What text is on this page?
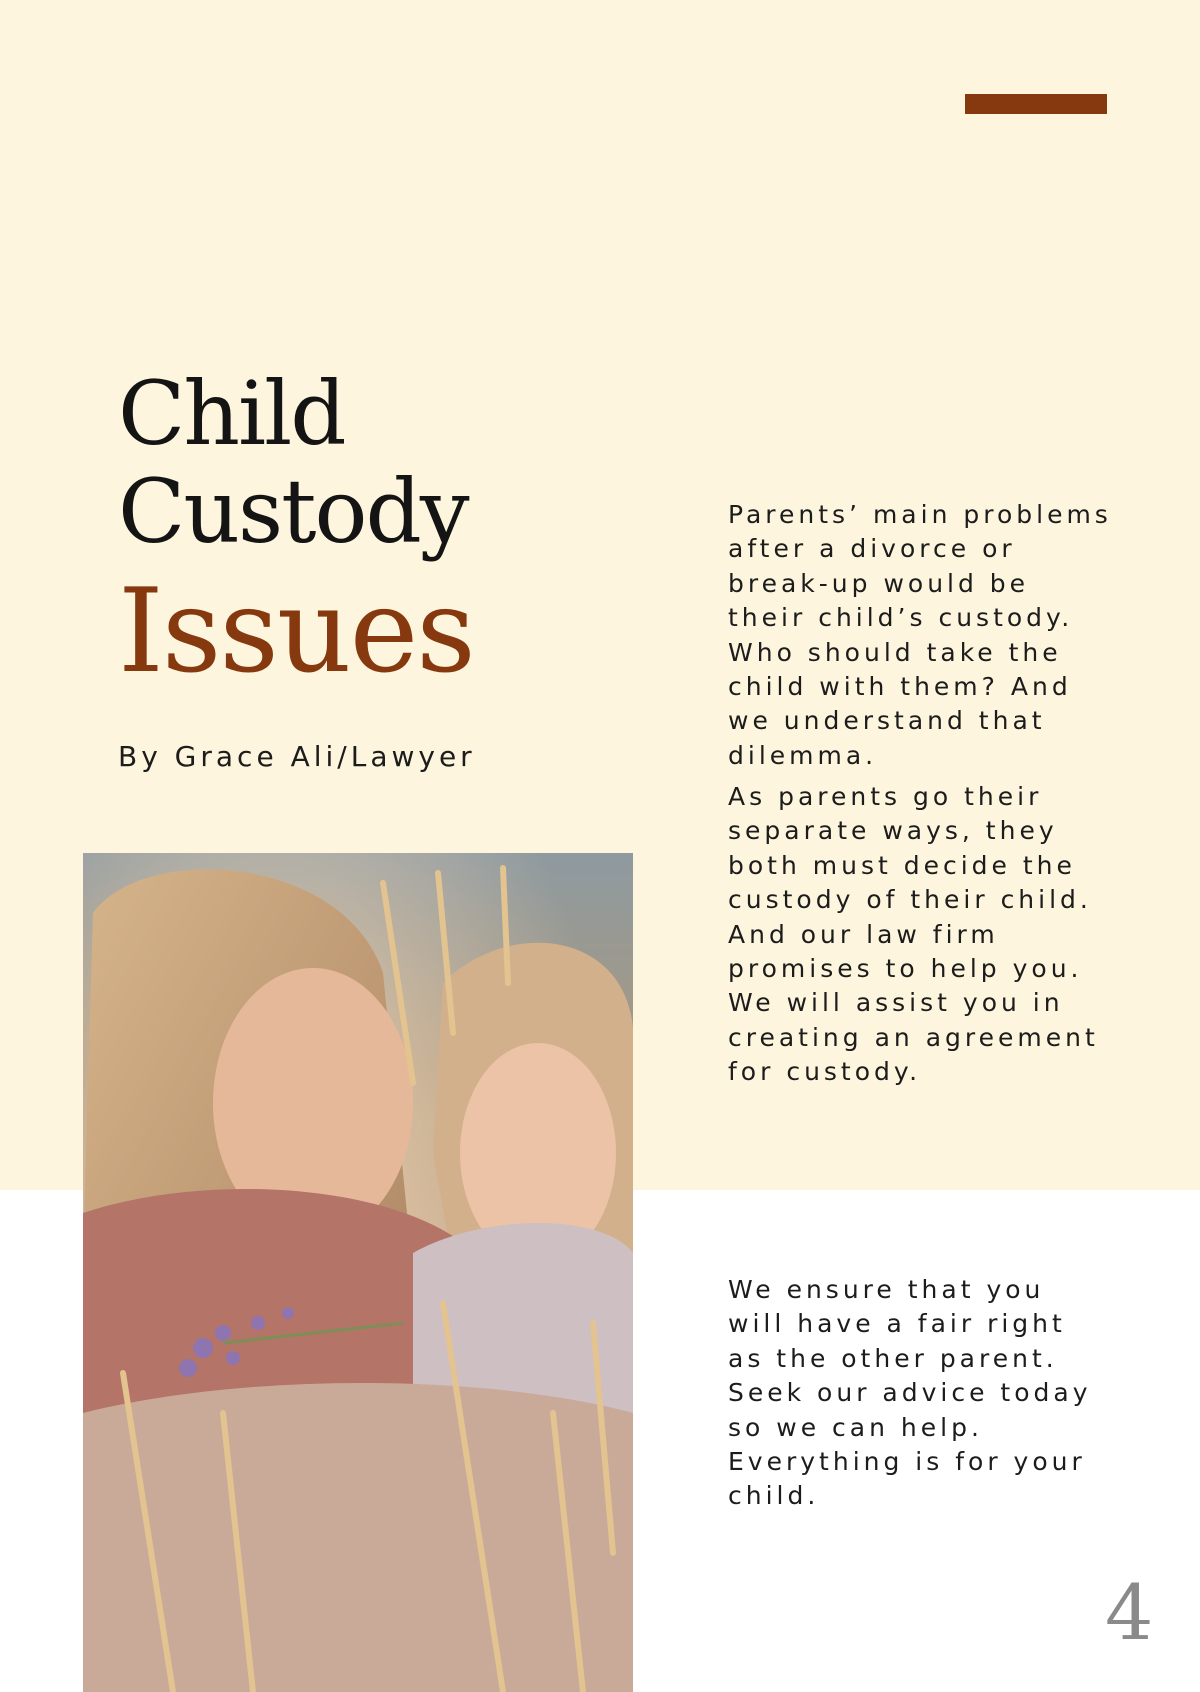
Child
Custody
Issues
By Grace Ali/Lawyer

Parents’ main problems
after a divorce or
break-up would be
their child’s custody.
Who should take the
child with them? And
we understand that
dilemma.

As parents go their
separate ways, they
both must decide the
custody of their child.
And our law firm
promises to help you.
We will assist you in
creating an agreement
for custody.

We ensure that you
will have a fair right
as the other parent.
Seek our advice today
so we can help.
Everything is for your
child.

4
